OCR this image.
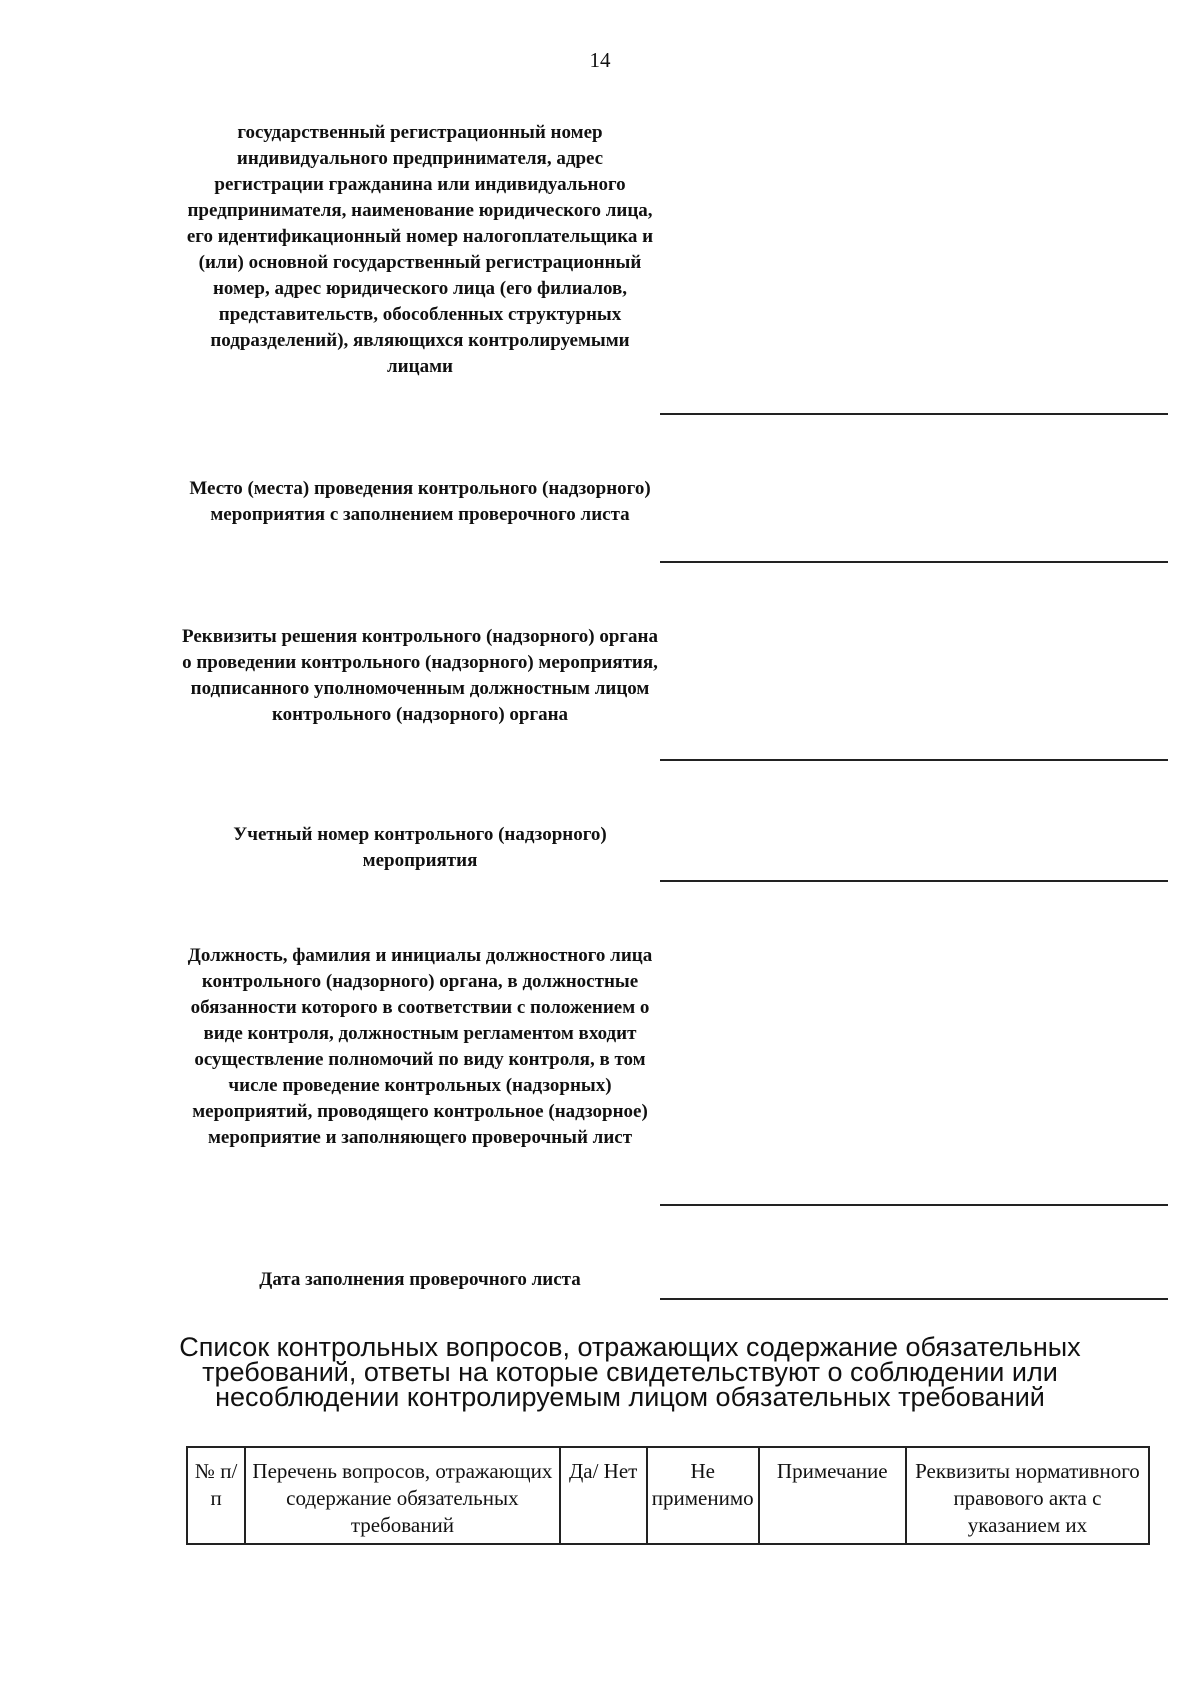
14
государственный регистрационный номер индивидуального предпринимателя, адрес регистрации гражданина или индивидуального предпринимателя, наименование юридического лица, его идентификационный номер налогоплательщика и (или) основной государственный регистрационный номер, адрес юридического лица (его филиалов, представительств, обособленных структурных подразделений), являющихся контролируемыми лицами
Место (места) проведения контрольного (надзорного) мероприятия с заполнением проверочного листа
Реквизиты решения контрольного (надзорного) органа о проведении контрольного (надзорного) мероприятия, подписанного уполномоченным должностным лицом контрольного (надзорного) органа
Учетный номер контрольного (надзорного) мероприятия
Должность, фамилия и инициалы должностного лица контрольного (надзорного) органа, в должностные обязанности которого в соответствии с положением о виде контроля, должностным регламентом входит осуществление полномочий по виду контроля, в том числе проведение контрольных (надзорных) мероприятий, проводящего контрольное (надзорное) мероприятие и заполняющего проверочный лист
Дата заполнения проверочного листа
Список контрольных вопросов, отражающих содержание обязательных требований, ответы на которые свидетельствуют о соблюдении или несоблюдении контролируемым лицом обязательных требований
№ п/п	Перечень вопросов, отражающих содержание обязательных требований	Да/ Нет	Не применимо	Примечание	Реквизиты нормативного правового акта с указанием их
